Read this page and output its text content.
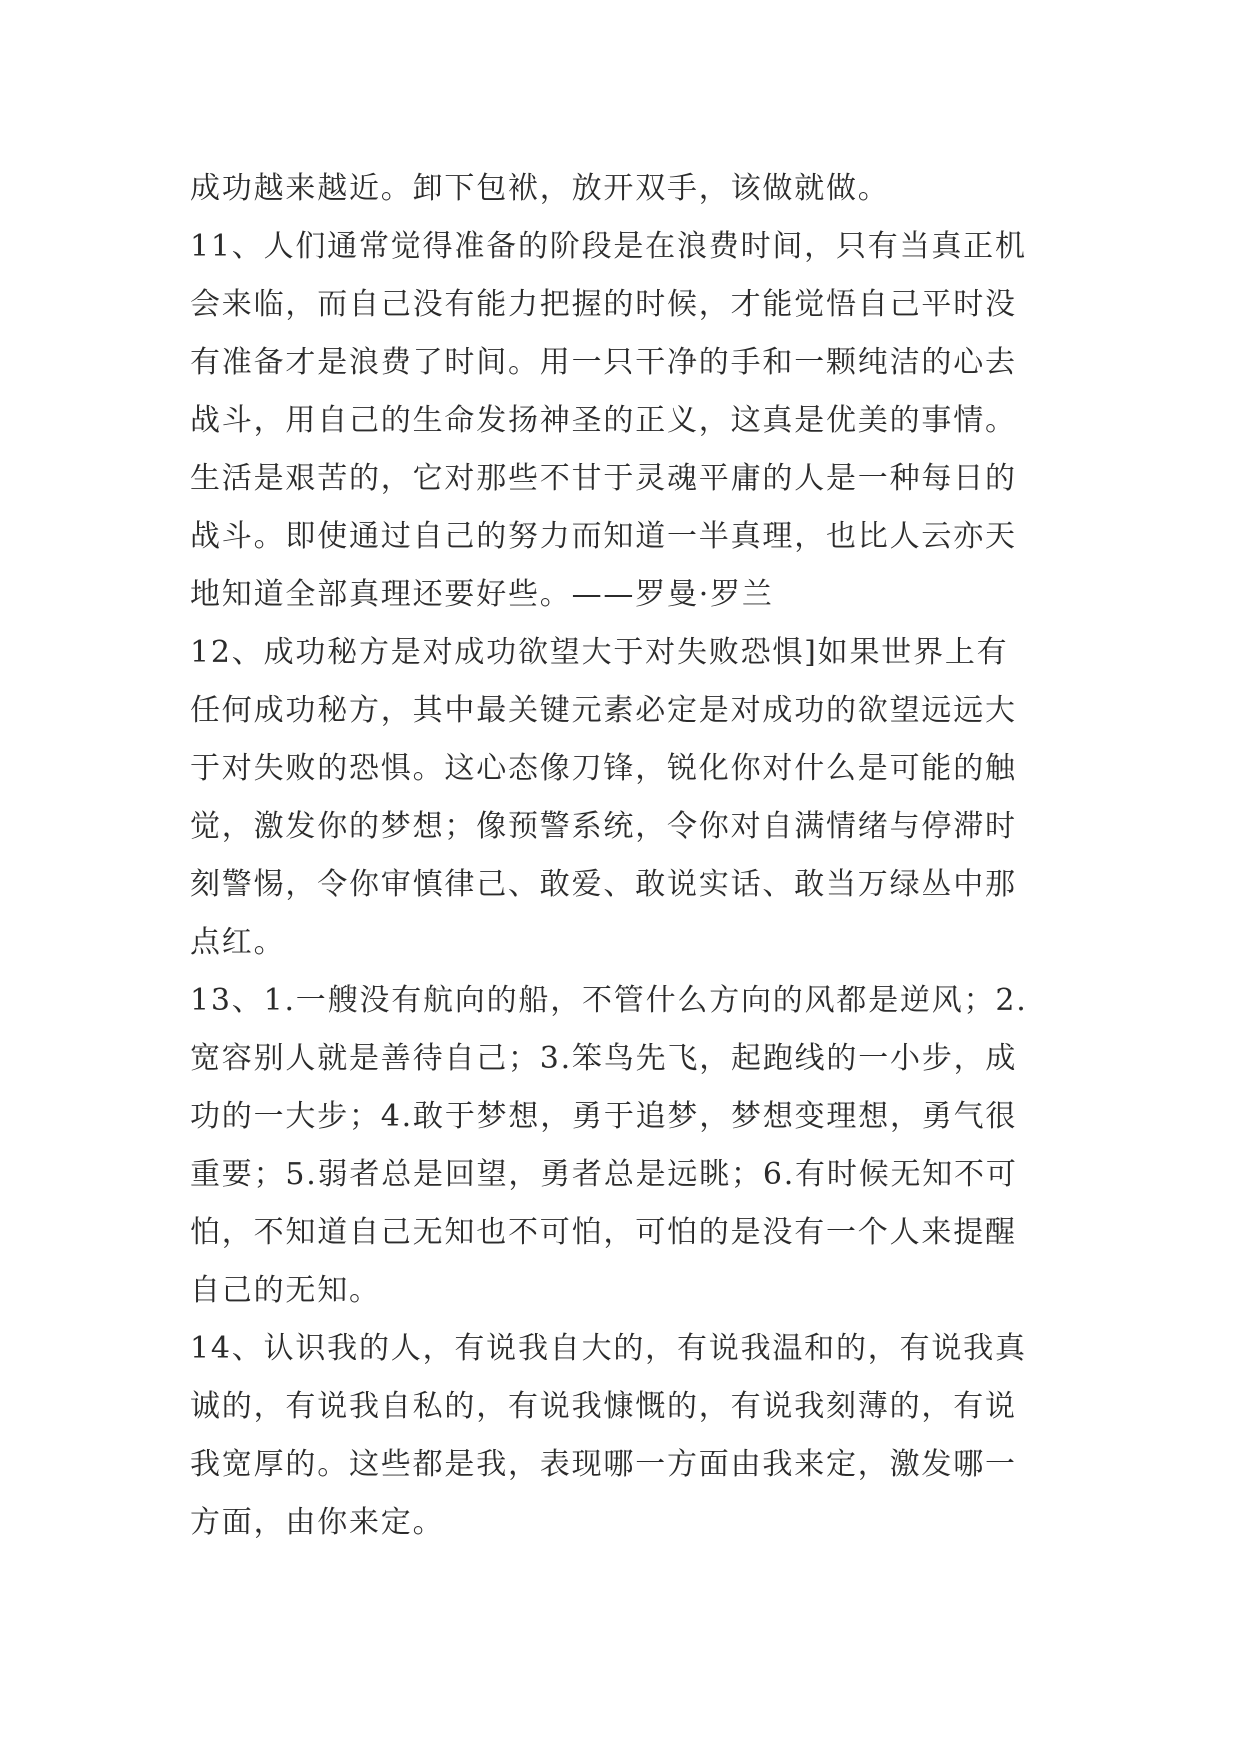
成功越来越近。卸下包袱，放开双手，该做就做。
11、人们通常觉得准备的阶段是在浪费时间，只有当真正机
会来临，而自己没有能力把握的时候，才能觉悟自己平时没
有准备才是浪费了时间。用一只干净的手和一颗纯洁的心去
战斗，用自己的生命发扬神圣的正义，这真是优美的事情。
生活是艰苦的，它对那些不甘于灵魂平庸的人是一种每日的
战斗。即使通过自己的努力而知道一半真理，也比人云亦天
地知道全部真理还要好些。——罗曼·罗兰
12、成功秘方是对成功欲望大于对失败恐惧]如果世界上有
任何成功秘方，其中最关键元素必定是对成功的欲望远远大
于对失败的恐惧。这心态像刀锋，锐化你对什么是可能的触
觉，激发你的梦想；像预警系统，令你对自满情绪与停滞时
刻警惕，令你审慎律己、敢爱、敢说实话、敢当万绿丛中那
点红。
13、1.一艘没有航向的船，不管什么方向的风都是逆风；2.
宽容别人就是善待自己；3.笨鸟先飞，起跑线的一小步，成
功的一大步；4.敢于梦想，勇于追梦，梦想变理想，勇气很
重要；5.弱者总是回望，勇者总是远眺；6.有时候无知不可
怕，不知道自己无知也不可怕，可怕的是没有一个人来提醒
自己的无知。
14、认识我的人，有说我自大的，有说我温和的，有说我真
诚的，有说我自私的，有说我慷慨的，有说我刻薄的，有说
我宽厚的。这些都是我，表现哪一方面由我来定，激发哪一
方面，由你来定。
